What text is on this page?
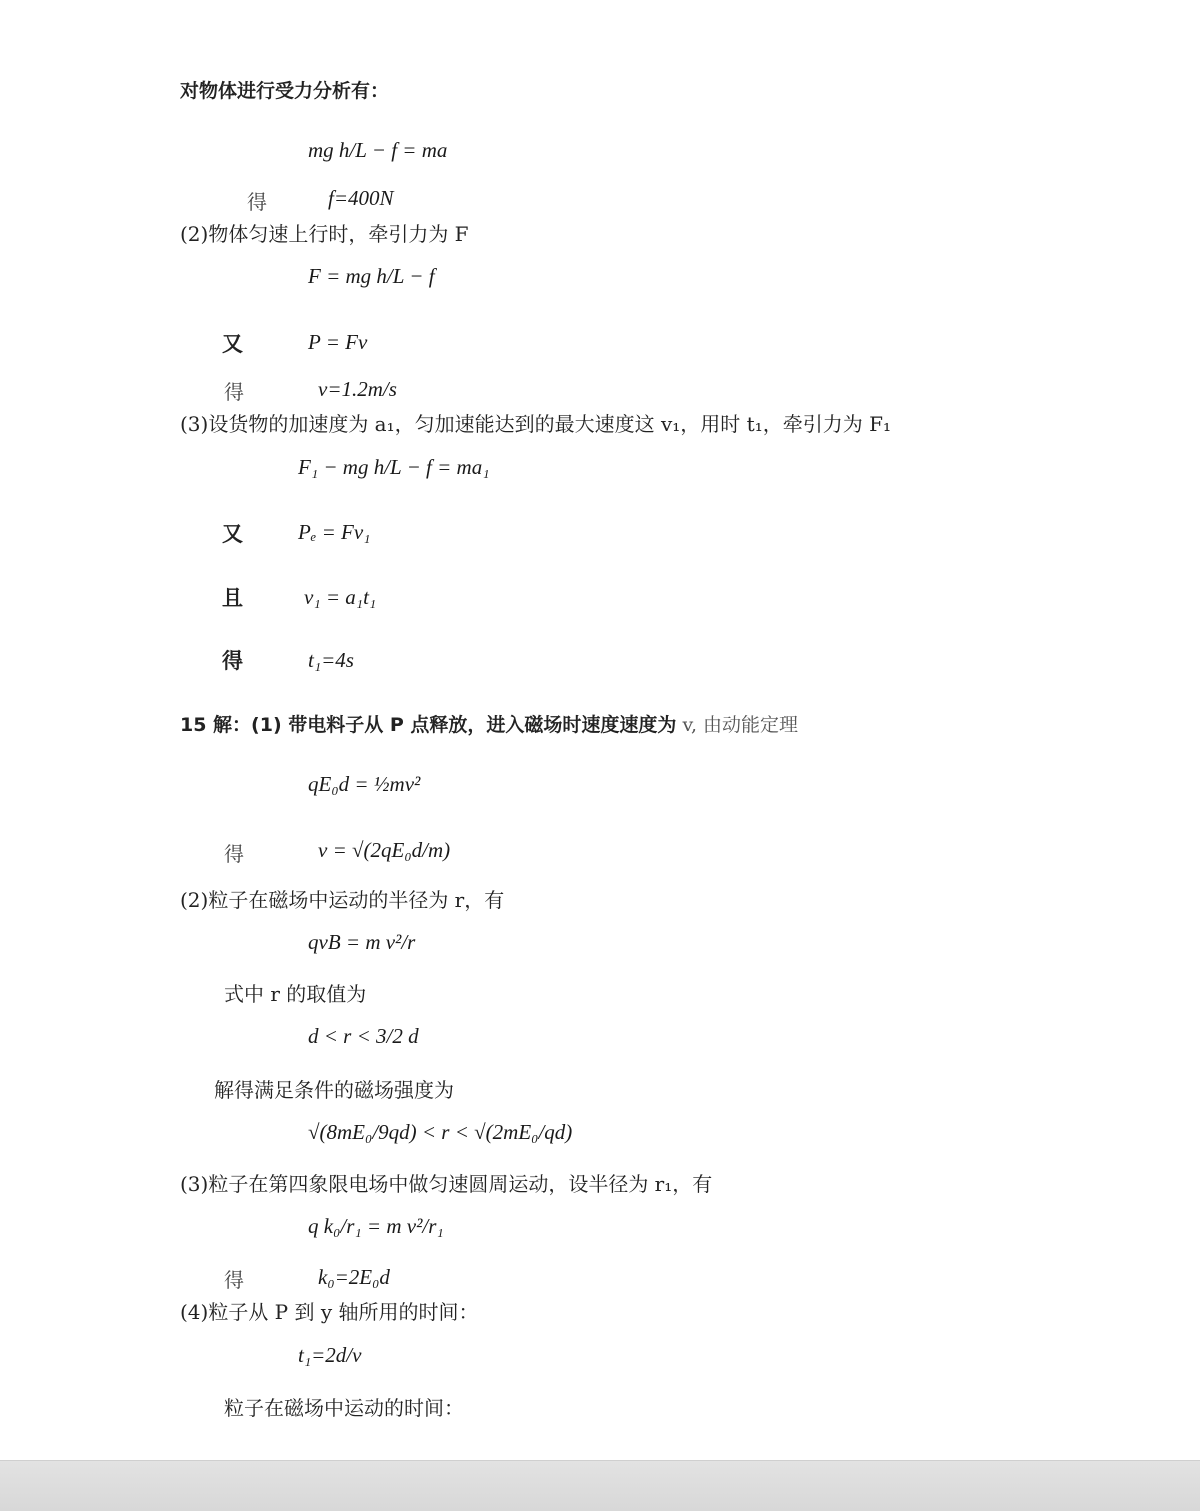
对物体进行受力分析有：
mg h/L − f = ma
得	f=400N
(2)物体匀速上行时，牵引力为 F
F = mg h/L − f
又	P = Fv
得	v=1.2m/s
(3)设货物的加速度为 a₁，匀加速能达到的最大速度这 v₁，用时 t₁，牵引力为 F₁
F₁ − mg h/L − f = ma₁
又	Pₑ = Fv₁
且	v₁ = a₁t₁
得	t₁=4s
15 解：(1) 带电料子从 P 点释放，进入磁场时速度速度为 v, 由动能定理
qE₀d = ½mv²
得	v = √(2qE₀d/m)
(2)粒子在磁场中运动的半径为 r，有
qvB = m v²/r
式中 r 的取值为
d < r < 3/2 d
解得满足条件的磁场强度为
√(8mE₀/9qd) < r < √(2mE₀/qd)
(3)粒子在第四象限电场中做匀速圆周运动，设半径为 r₁，有
q k₀/r₁ = m v²/r₁
得	k₀=2E₀d
(4)粒子从 P 到 y 轴所用的时间：
t₁=2d/v
粒子在磁场中运动的时间：
